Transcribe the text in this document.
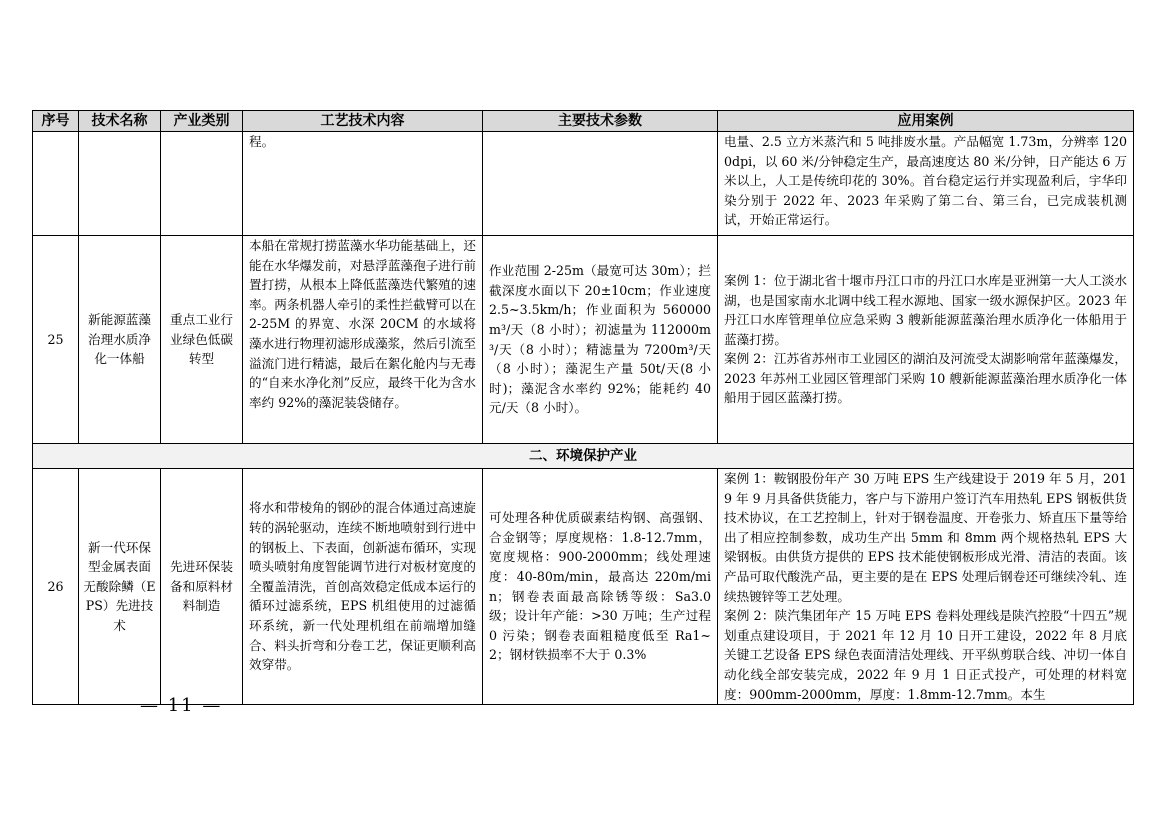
序号	技术名称	产业类别	工艺技术内容	主要技术参数	应用案例

			程。		电量、2.5 立方米蒸汽和 5 吨排废水量。产品幅宽 1.73m，分辨率 1200dpi，以 60 米/分钟稳定生产，最高速度达 80 米/分钟，日产能达 6 万米以上，人工是传统印花的 30%。首台稳定运行并实现盈利后，宇华印染分别于 2022 年、2023 年采购了第二台、第三台，已完成装机测试，开始正常运行。

25	新能源蓝藻治理水质净化一体船	重点工业行业绿色低碳转型	本船在常规打捞蓝藻水华功能基础上，还能在水华爆发前，对悬浮蓝藻孢子进行前置打捞，从根本上降低蓝藻迭代繁殖的速率。两条机器人牵引的柔性拦截臂可以在 2-25M 的界宽、水深 20CM 的水域将藻水进行物理初滤形成藻浆，然后引流至溢流门进行精滤，最后在絮化舱内与无毒的“自来水净化剂”反应，最终干化为含水率约 92%的藻泥装袋储存。	作业范围 2-25m（最宽可达 30m）；拦截深度水面以下 20±10cm；作业速度 2.5~3.5km/h；作业面积为 560000m³/天（8 小时）；初滤量为 112000m³/天（8 小时）；精滤量为 7200m³/天（8 小时）；藻泥生产量 50t/天(8 小时)；藻泥含水率约 92%；能耗约 40 元/天（8 小时）。	案例 1：位于湖北省十堰市丹江口市的丹江口水库是亚洲第一大人工淡水湖，也是国家南水北调中线工程水源地、国家一级水源保护区。2023 年丹江口水库管理单位应急采购 3 艘新能源蓝藻治理水质净化一体船用于蓝藻打捞。
案例 2：江苏省苏州市工业园区的湖泊及河流受太湖影响常年蓝藻爆发，2023 年苏州工业园区管理部门采购 10 艘新能源蓝藻治理水质净化一体船用于园区蓝藻打捞。

二、环境保护产业					

26	新一代环保型金属表面无酸除鳞（EPS）先进技术	先进环保装备和原料材料制造	将水和带棱角的钢砂的混合体通过高速旋转的涡轮驱动，连续不断地喷射到行进中的钢板上、下表面，创新滤布循环，实现喷头喷射角度智能调节进行对板材宽度的全覆盖清洗，首创高效稳定低成本运行的循环过滤系统，EPS 机组使用的过滤循环系统，新一代处理机组在前端增加缝合、料头折弯和分卷工艺，保证更顺利高效穿带。	可处理各种优质碳素结构钢、高强钢、合金钢等；厚度规格：1.8-12.7mm，宽度规格：900-2000mm；线处理速度：40-80m/min，最高达 220m/min；钢卷表面最高除锈等级：Sa3.0 级；设计年产能：>30 万吨；生产过程 0 污染；钢卷表面粗糙度低至 Ra1~2；钢材铁损率不大于 0.3%	案例 1：鞍钢股份年产 30 万吨 EPS 生产线建设于 2019 年 5 月，2019 年 9 月具备供货能力，客户与下游用户签订汽车用热轧 EPS 钢板供货技术协议，在工艺控制上，针对于钢卷温度、开卷张力、矫直压下量等给出了相应控制参数，成功生产出 5mm 和 8mm 两个规格热轧 EPS 大梁钢板。由供货方提供的 EPS 技术能使钢板形成光滑、清洁的表面。该产品可取代酸洗产品，更主要的是在 EPS 处理后钢卷还可继续冷轧、连续热镀锌等工艺处理。
案例 2：陕汽集团年产 15 万吨 EPS 卷料处理线是陕汽控股“十四五”规划重点建设项目，于 2021 年 12 月 10 日开工建设，2022 年 8 月底关键工艺设备 EPS 绿色表面清洁处理线、开平纵剪联合线、冲切一体自动化线全部安装完成，2022 年 9 月 1 日正式投产，可处理的材料宽度：900mm-2000mm，厚度：1.8mm-12.7mm。本生
— 11 —
